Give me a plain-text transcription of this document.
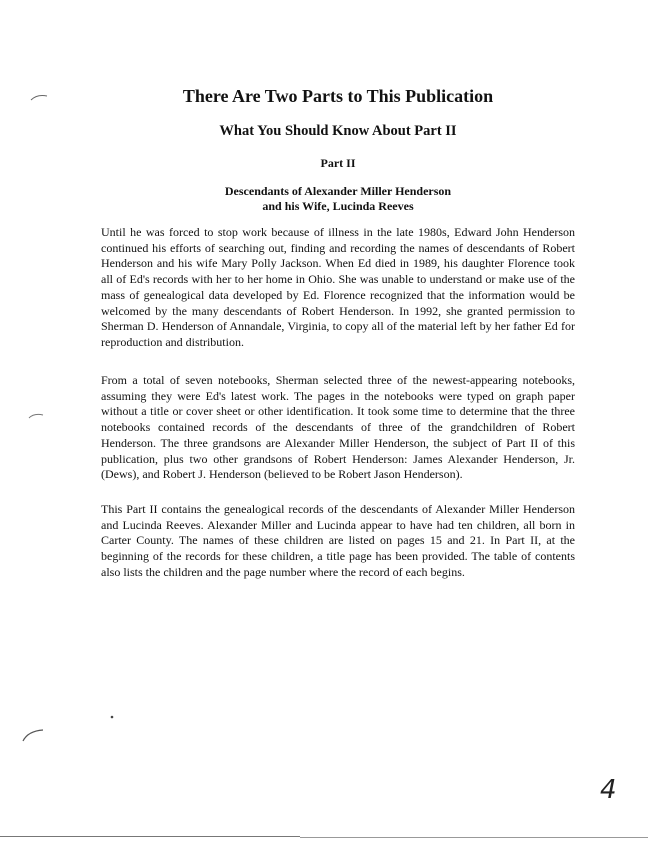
There Are Two Parts to This Publication
What You Should Know About Part II
Part II
Descendants of Alexander Miller Henderson
and his Wife, Lucinda Reeves

Until he was forced to stop work because of illness in the late 1980s, Edward John Henderson continued his efforts of searching out, finding and recording the names of descendants of Robert Henderson and his wife Mary Polly Jackson. When Ed died in 1989, his daughter Florence took all of Ed's records with her to her home in Ohio. She was unable to understand or make use of the mass of genealogical data developed by Ed. Florence recognized that the information would be welcomed by the many descendants of Robert Henderson. In 1992, she granted permission to Sherman D. Henderson of Annandale, Virginia, to copy all of the material left by her father Ed for reproduction and distribution.

From a total of seven notebooks, Sherman selected three of the newest-appearing notebooks, assuming they were Ed's latest work. The pages in the notebooks were typed on graph paper without a title or cover sheet or other identification. It took some time to determine that the three notebooks contained records of the descendants of three of the grandchildren of Robert Henderson. The three grandsons are Alexander Miller Henderson, the subject of Part II of this publication, plus two other grandsons of Robert Henderson: James Alexander Henderson, Jr. (Dews), and Robert J. Henderson (believed to be Robert Jason Henderson).

This Part II contains the genealogical records of the descendants of Alexander Miller Henderson and Lucinda Reeves. Alexander Miller and Lucinda appear to have had ten children, all born in Carter County. The names of these children are listed on pages 15 and 21. In Part II, at the beginning of the records for these children, a title page has been provided. The table of contents also lists the children and the page number where the record of each begins.

4
